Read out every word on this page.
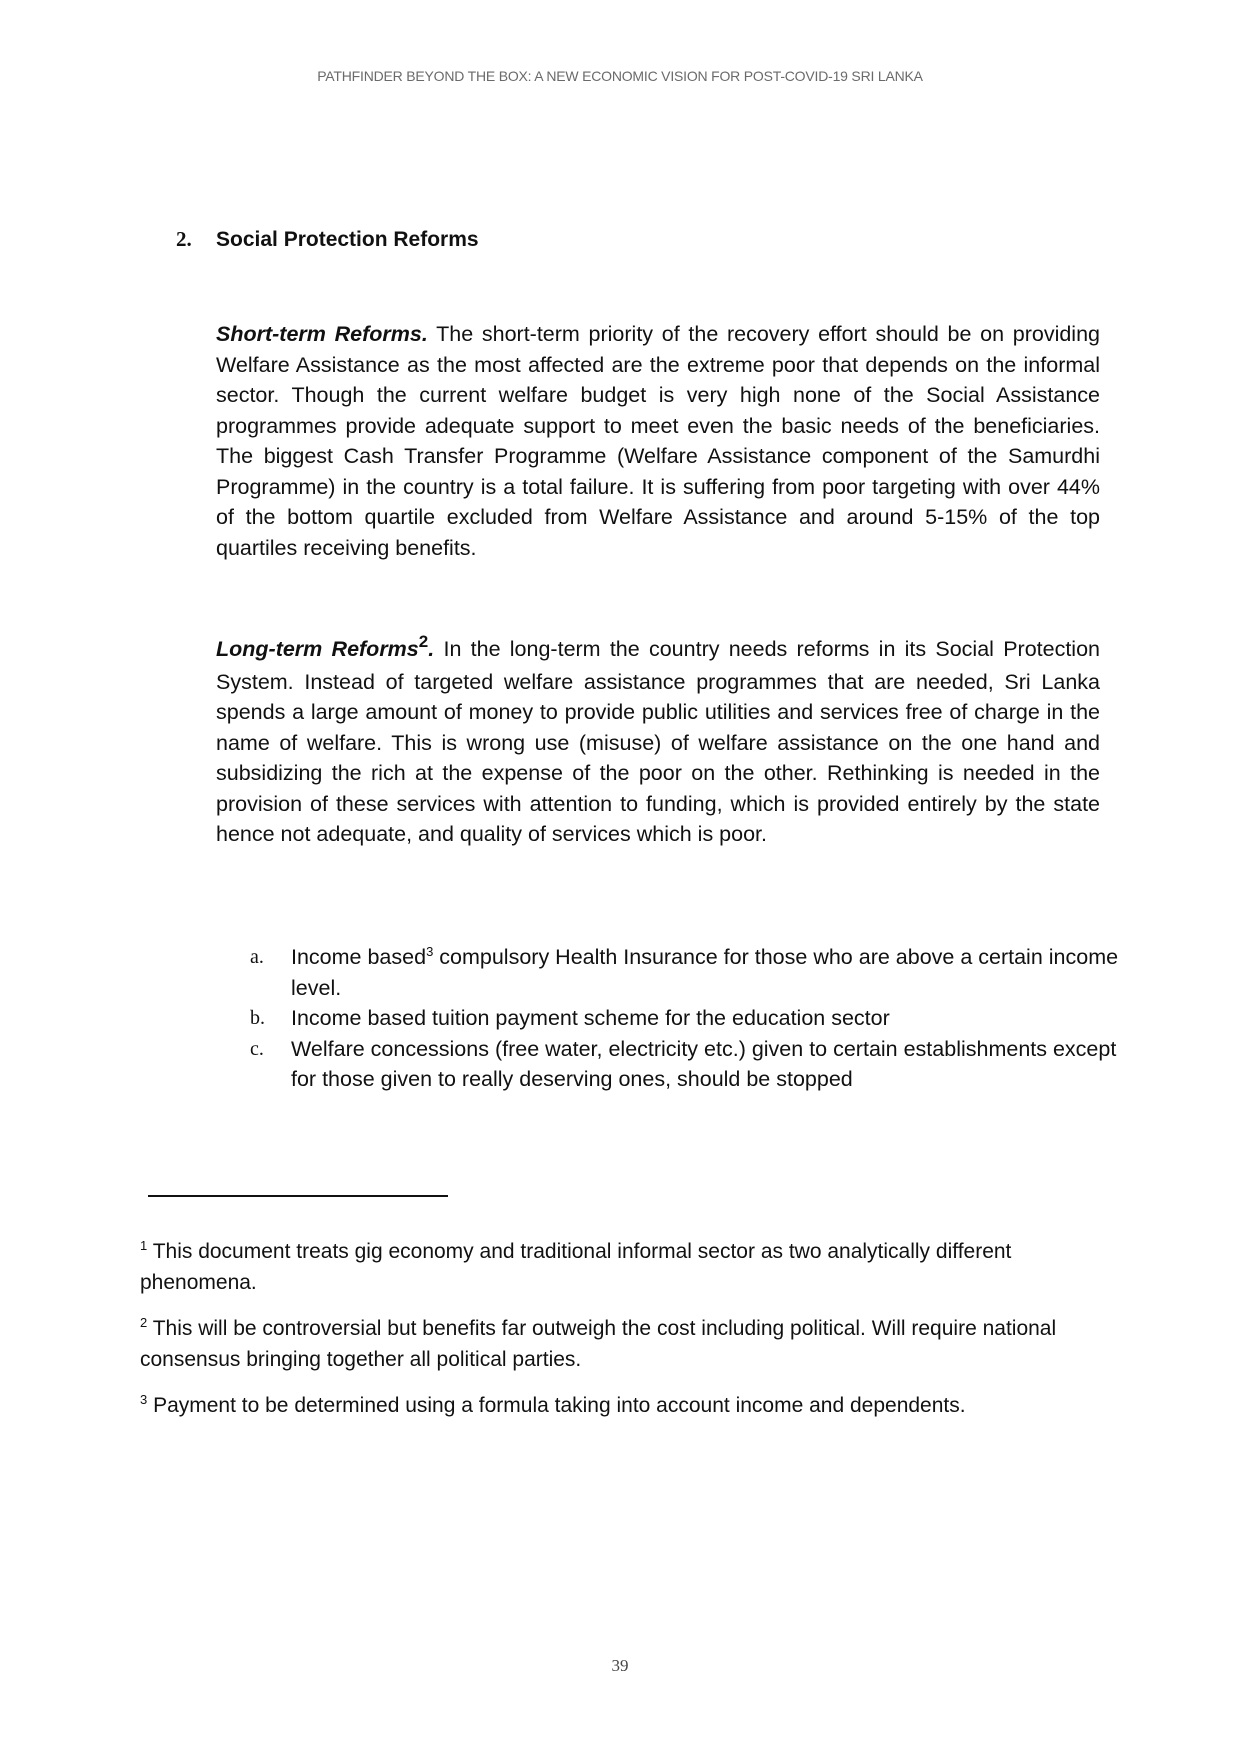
PATHFINDER BEYOND THE BOX: A NEW ECONOMIC VISION FOR POST-COVID-19 SRI LANKA
2. Social Protection Reforms

Short-term Reforms. The short-term priority of the recovery effort should be on providing Welfare Assistance as the most affected are the extreme poor that depends on the informal sector. Though the current welfare budget is very high none of the Social Assistance programmes provide adequate support to meet even the basic needs of the beneficiaries. The biggest Cash Transfer Programme (Welfare Assistance component of the Samurdhi Programme) in the country is a total failure. It is suffering from poor targeting with over 44% of the bottom quartile excluded from Welfare Assistance and around 5-15% of the top quartiles receiving benefits.

Long-term Reforms$^2$. In the long-term the country needs reforms in its Social Protection System. Instead of targeted welfare assistance programmes that are needed, Sri Lanka spends a large amount of money to provide public utilities and services free of charge in the name of welfare. This is wrong use (misuse) of welfare assistance on the one hand and subsidizing the rich at the expense of the poor on the other. Rethinking is needed in the provision of these services with attention to funding, which is provided entirely by the state hence not adequate, and quality of services which is poor.

a. Income based$^3$ compulsory Health Insurance for those who are above a certain income level.
b. Income based tuition payment scheme for the education sector
c. Welfare concessions (free water, electricity etc.) given to certain establishments except for those given to really deserving ones, should be stopped
$^1$ This document treats gig economy and traditional informal sector as two analytically different phenomena.
$^2$ This will be controversial but benefits far outweigh the cost including political. Will require national consensus bringing together all political parties.
$^3$ Payment to be determined using a formula taking into account income and dependents.
39
